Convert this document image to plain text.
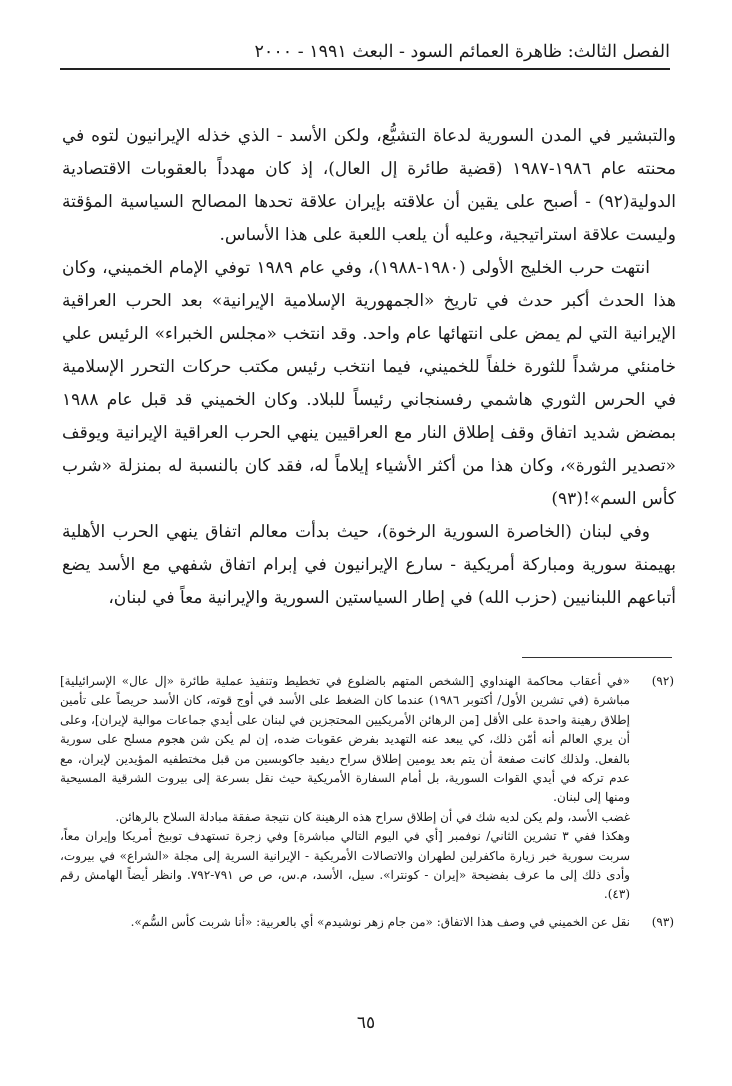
الفصل الثالث: ظاهرة العمائم السود - البعث ١٩٩١ - ٢٠٠٠

والتبشير في المدن السورية لدعاة التشيُّع، ولكن الأسد - الذي خذله الإيرانيون لتوه في محنته عام ١٩٨٦-١٩٨٧ (قضية طائرة إل العال)، إذ كان مهدداً بالعقوبات الاقتصادية الدولية(٩٢) - أصبح على يقين أن علاقته بإيران علاقة تحدها المصالح السياسية المؤقتة وليست علاقة استراتيجية، وعليه أن يلعب اللعبة على هذا الأساس.

انتهت حرب الخليج الأولى (١٩٨٠-١٩٨٨)، وفي عام ١٩٨٩ توفي الإمام الخميني، وكان هذا الحدث أكبر حدث في تاريخ «الجمهورية الإسلامية الإيرانية» بعد الحرب العراقية الإيرانية التي لم يمض على انتهائها عام واحد. وقد انتخب «مجلس الخبراء» الرئيس علي خامنئي مرشداً للثورة خلفاً للخميني، فيما انتخب رئيس مكتب حركات التحرر الإسلامية في الحرس الثوري هاشمي رفسنجاني رئيساً للبلاد. وكان الخميني قد قبل عام ١٩٨٨ بمضض شديد اتفاق وقف إطلاق النار مع العراقيين ينهي الحرب العراقية الإيرانية ويوقف «تصدير الثورة»، وكان هذا من أكثر الأشياء إيلاماً له، فقد كان بالنسبة له بمنزلة «شرب كأس السم»!(٩٣)

وفي لبنان (الخاصرة السورية الرخوة)، حيث بدأت معالم اتفاق ينهي الحرب الأهلية بهيمنة سورية ومباركة أمريكية - سارع الإيرانيون في إبرام اتفاق شفهي مع الأسد يضع أتباعهم اللبنانيين (حزب الله) في إطار السياستين السورية والإيرانية معاً في لبنان،

(٩٢)

«في أعقاب محاكمة الهنداوي [الشخص المتهم بالضلوع في تخطيط وتنفيذ عملية طائرة «إل عال» الإسرائيلية] مباشرة (في تشرين الأول/ أكتوبر ١٩٨٦) عندما كان الضغط على الأسد في أوج قوته، كان الأسد حريصاً على تأمين إطلاق رهينة واحدة على الأقل [من الرهائن الأمريكيين المحتجزين في لبنان على أيدي جماعات موالية لإيران]، وعلى أن يري العالم أنه أمّن ذلك، كي يبعد عنه التهديد بفرض عقوبات ضده، إن لم يكن شن هجوم مسلح على سورية بالفعل. ولذلك كانت صفعة أن يتم بعد يومين إطلاق سراح ديفيد جاكوبسين من قبل مختطفيه المؤيدين لإيران، مع عدم تركه في أيدي القوات السورية، بل أمام السفارة الأمريكية حيث نقل بسرعة إلى بيروت الشرقية المسيحية ومنها إلى لبنان.

غضب الأسد، ولم يكن لديه شك في أن إطلاق سراح هذه الرهينة كان نتيجة صفقة مبادلة السلاح بالرهائن.

وهكذا ففي ٣ تشرين الثاني/ نوفمبر [أي في اليوم التالي مباشرة] وفي زجرة تستهدف توبيخ أمريكا وإيران معاً، سربت سورية خبر زيارة ماكفرلين لطهران والاتصالات الأمريكية - الإيرانية السرية إلى مجلة «الشراع» في بيروت، وأدى ذلك إلى ما عرف بفضيحة «إيران - كونترا». سيل، الأسد، م.س، ص ص ٧٩١-٧٩٢. وانظر أيضاً الهامش رقم (٤٣).

(٩٣)

نقل عن الخميني في وصف هذا الاتفاق: «من جام زهر نوشيدم» أي بالعربية: «أنا شربت كأس السُّم».

٦٥
